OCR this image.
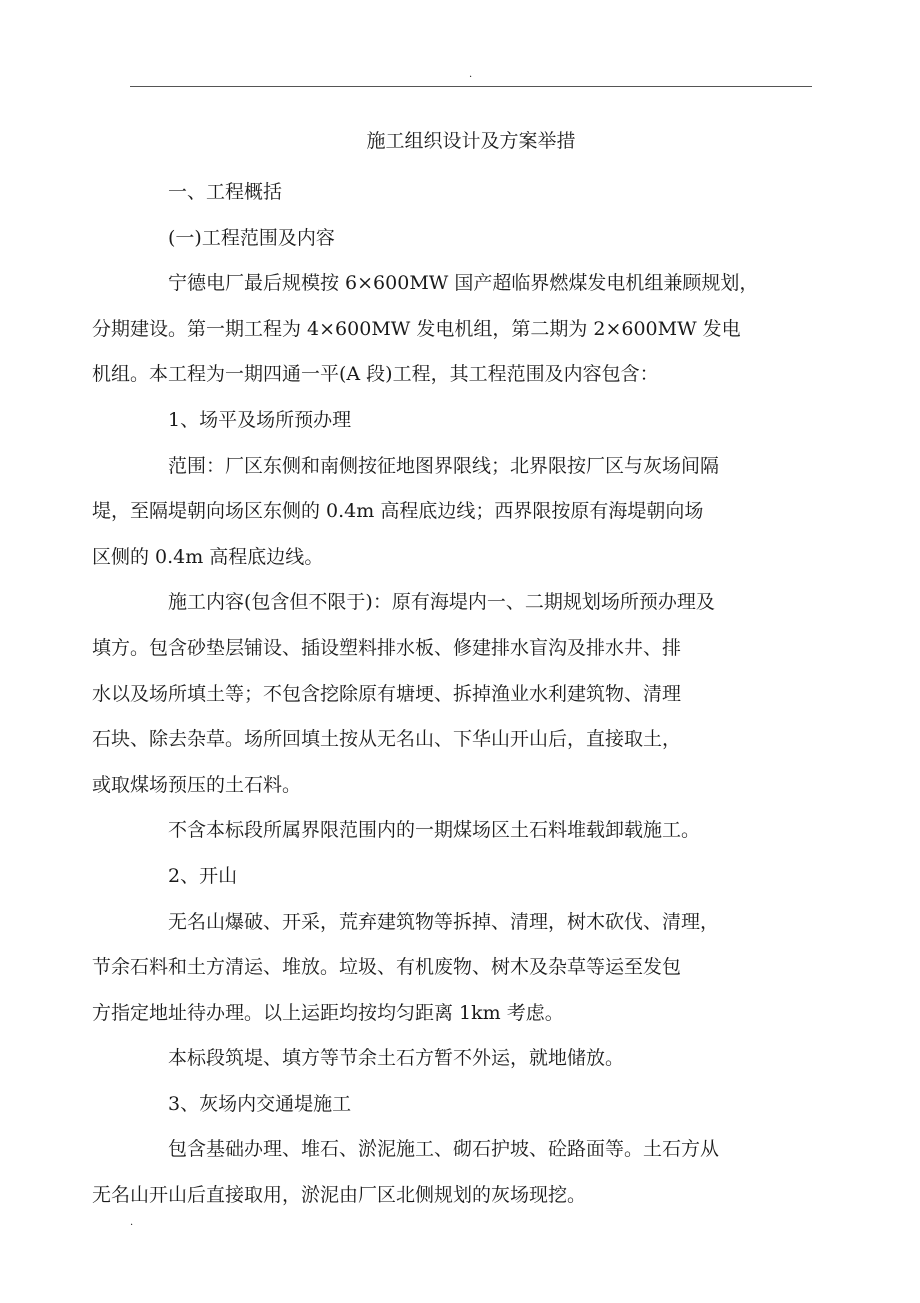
.
施工组织设计及方案举措

一、工程概括

(一)工程范围及内容

宁德电厂最后规模按 6×600MW 国产超临界燃煤发电机组兼顾规划，
分期建设。第一期工程为 4×600MW 发电机组，第二期为 2×600MW 发电
机组。本工程为一期四通一平(A 段)工程，其工程范围及内容包含：

1、场平及场所预办理

范围：厂区东侧和南侧按征地图界限线；北界限按厂区与灰场间隔
堤，至隔堤朝向场区东侧的 0.4m 高程底边线；西界限按原有海堤朝向场
区侧的 0.4m 高程底边线。

施工内容(包含但不限于)：原有海堤内一、二期规划场所预办理及
填方。包含砂垫层铺设、插设塑料排水板、修建排水盲沟及排水井、排
水以及场所填土等；不包含挖除原有塘埂、拆掉渔业水利建筑物、清理
石块、除去杂草。场所回填土按从无名山、下华山开山后，直接取土，
或取煤场预压的土石料。

不含本标段所属界限范围内的一期煤场区土石料堆载卸载施工。

2、开山

无名山爆破、开采，荒弃建筑物等拆掉、清理，树木砍伐、清理，
节余石料和土方清运、堆放。垃圾、有机废物、树木及杂草等运至发包
方指定地址待办理。以上运距均按均匀距离 1km 考虑。

本标段筑堤、填方等节余土石方暂不外运，就地储放。

3、灰场内交通堤施工

包含基础办理、堆石、淤泥施工、砌石护坡、砼路面等。土石方从
无名山开山后直接取用，淤泥由厂区北侧规划的灰场现挖。

.
